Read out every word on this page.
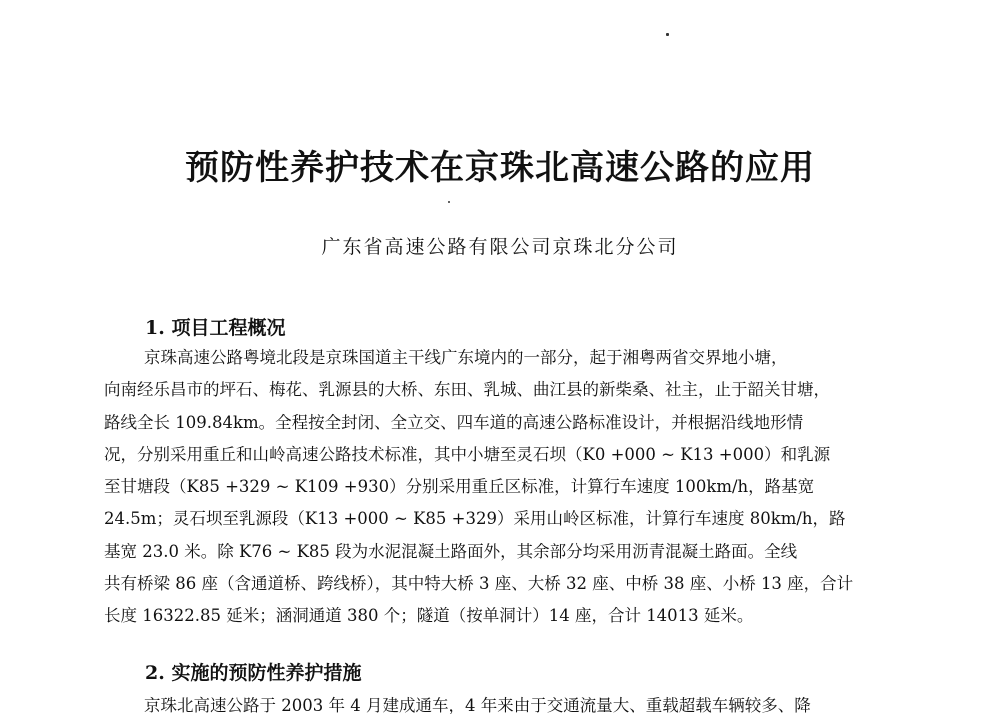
预防性养护技术在京珠北高速公路的应用
广东省高速公路有限公司京珠北分公司
1. 项目工程概况
京珠高速公路粤境北段是京珠国道主干线广东境内的一部分，起于湘粤两省交界地小塘，
向南经乐昌市的坪石、梅花、乳源县的大桥、东田、乳城、曲江县的新柴桑、社主，止于韶关甘塘，
路线全长 109.84km。全程按全封闭、全立交、四车道的高速公路标准设计，并根据沿线地形情
况，分别采用重丘和山岭高速公路技术标准，其中小塘至灵石坝（K0 +000 ~ K13 +000）和乳源
至甘塘段（K85 +329 ~ K109 +930）分别采用重丘区标准，计算行车速度 100km/h，路基宽
24.5m；灵石坝至乳源段（K13 +000 ~ K85 +329）采用山岭区标准，计算行车速度 80km/h，路
基宽 23.0 米。除 K76 ~ K85 段为水泥混凝土路面外，其余部分均采用沥青混凝土路面。全线
共有桥梁 86 座（含通道桥、跨线桥），其中特大桥 3 座、大桥 32 座、中桥 38 座、小桥 13 座，合计
长度 16322.85 延米；涵洞通道 380 个；隧道（按单洞计）14 座，合计 14013 延米。
2. 实施的预防性养护措施
京珠北高速公路于 2003 年 4 月建成通车，4 年来由于交通流量大、重载超载车辆较多、降
